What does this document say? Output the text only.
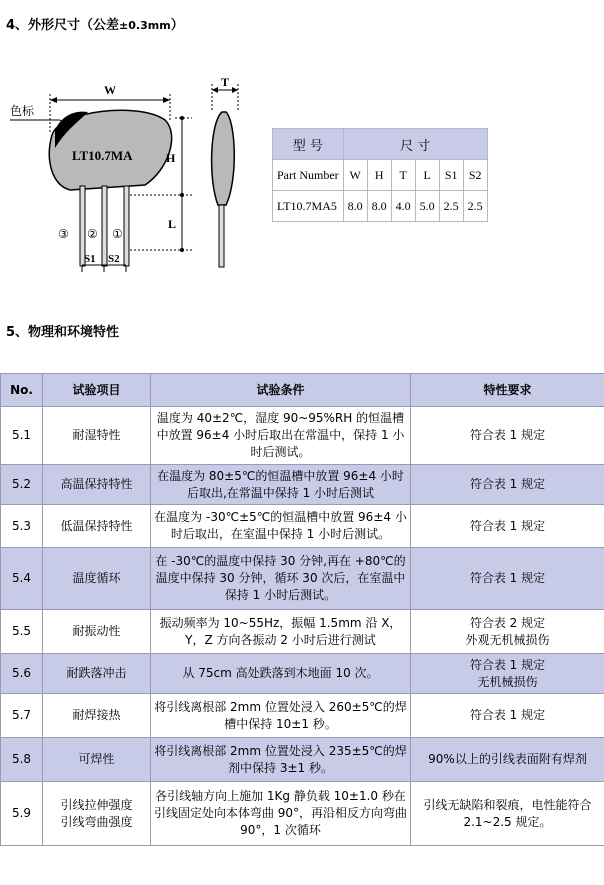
4、外形尺寸（公差±0.3mm）
W
LT10.7MA
色标
③ ② ①
S1 S2
H
L
T
型 号	尺 寸					
Part Number	W	H	T	L	S1	S2
LT10.7MA5	8.0	8.0	4.0	5.0	2.5	2.5
5、物理和环境特性
No.	试验项目	试验条件	特性要求
5.1	耐湿特性	温度为 40±2℃，湿度 90~95%RH 的恒温槽中放置 96±4 小时后取出在常温中，保持 1 小时后测试。	符合表 1 规定
5.2	高温保持特性	在温度为 80±5℃的恒温槽中放置 96±4 小时后取出,在常温中保持 1 小时后测试	符合表 1 规定
5.3	低温保持特性	在温度为 -30℃±5℃的恒温槽中放置 96±4 小时后取出，在室温中保持 1 小时后测试。	符合表 1 规定
5.4	温度循环	在 -30℃的温度中保持 30 分钟,再在 +80℃的温度中保持 30 分钟，循环 30 次后，在室温中保持 1 小时后测试。	符合表 1 规定
5.5	耐振动性	振动频率为 10~55Hz，振幅 1.5mm 沿 X，Y，Z 方向各振动 2 小时后进行测试	符合表 2 规定
外观无机械损伤

5.6	耐跌落冲击	从 75cm 高处跌落到木地面 10 次。	符合表 1 规定
无机械损伤

5.7	耐焊接热	将引线离根部 2mm 位置处浸入 260±5℃的焊槽中保持 10±1 秒。	符合表 1 规定
5.8	可焊性	将引线离根部 2mm 位置处浸入 235±5℃的焊剂中保持 3±1 秒。	90%以上的引线表面附有焊剂
5.9	引线拉伸强度
引线弯曲强度	各引线轴方向上施加 1Kg 静负载 10±1.0 秒在引线固定处向本体弯曲 90°，再沿相反方向弯曲 90°，1 次循环	引线无缺陷和裂痕，电性能符合 2.1~2.5 规定。
